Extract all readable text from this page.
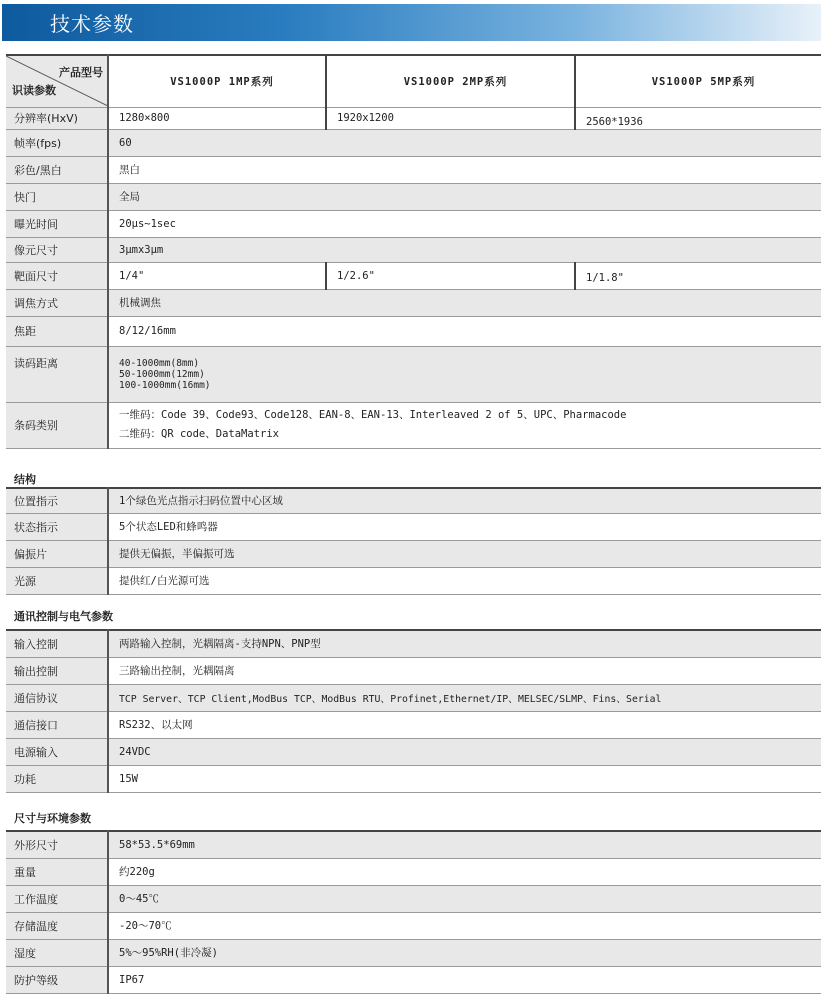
技术参数
产品型号
识读参数	VS1000P 1MP系列	VS1000P 2MP系列	VS1000P 5MP系列
分辨率(HxV)	1280×800	1920x1200	2560*1936
帧率(fps)	60		
彩色/黑白	黑白		
快门	全局		
曝光时间	20μs~1sec		
像元尺寸	3μmx3μm		
靶面尺寸	1/4"	1/2.6"	1/1.8"
调焦方式	机械调焦		
焦距	8/12/16mm		
读码距离	40-1000mm(8mm)
50-1000mm(12mm)
100-1000mm(16mm)		

条码类别	一维码：Code 39、Code93、Code128、EAN-8、EAN-13、Interleaved 2 of 5、UPC、Pharmacode
二维码：QR code、DataMatrix		
结构
位置指示	1个绿色光点指示扫码位置中心区域
状态指示	5个状态LED和蜂鸣器
偏振片	提供无偏振，半偏振可选
光源	提供红/白光源可选
通讯控制与电气参数
输入控制	两路输入控制，光耦隔离-支持NPN、PNP型
输出控制	三路输出控制，光耦隔离
通信协议	TCP Server、TCP Client,ModBus TCP、ModBus RTU、Profinet,Ethernet/IP、MELSEC/SLMP、Fins、Serial
通信接口	RS232、以太网
电源输入	24VDC
功耗	15W
尺寸与环境参数
外形尺寸	58*53.5*69mm
重量	约220g
工作温度	0～45℃
存储温度	-20～70℃
湿度	5%～95%RH(非冷凝)
防护等级	IP67
